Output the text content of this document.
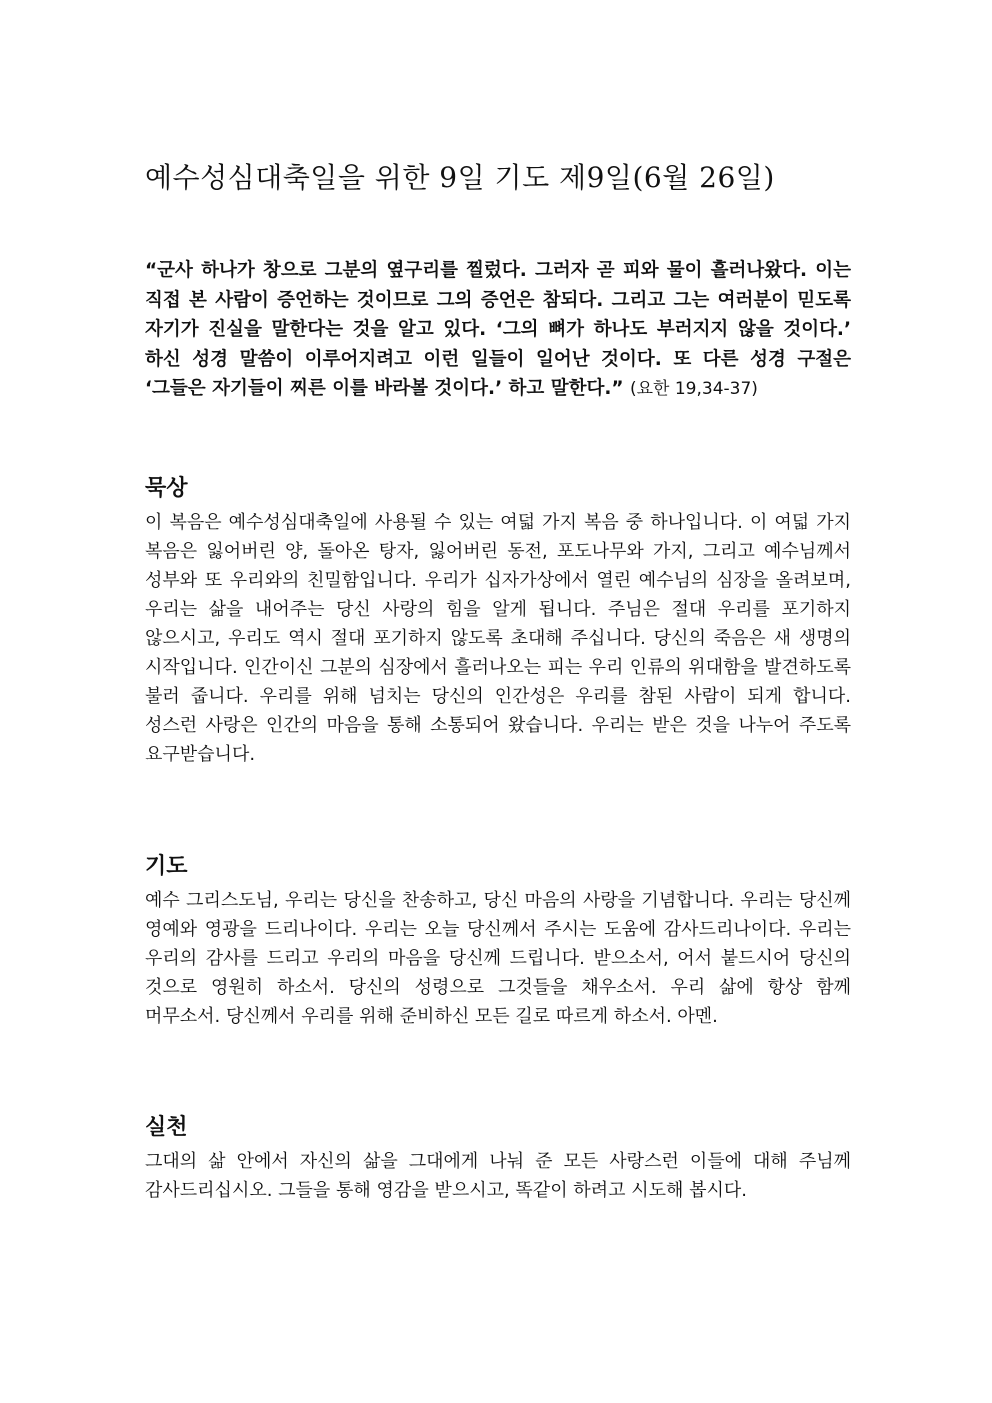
예수성심대축일을 위한 9일 기도 제9일(6월 26일)

“군사 하나가 창으로 그분의 옆구리를 찔렀다. 그러자 곧 피와 물이 흘러나왔다. 이는 직접 본 사람이 증언하는 것이므로 그의 증언은 참되다. 그리고 그는 여러분이 믿도록 자기가 진실을 말한다는 것을 알고 있다. ‘그의 뼈가 하나도 부러지지 않을 것이다.’ 하신 성경 말씀이 이루어지려고 이런 일들이 일어난 것이다. 또 다른 성경 구절은 ‘그들은 자기들이 찌른 이를 바라볼 것이다.’ 하고 말한다.” (요한 19,34-37)

묵상

이 복음은 예수성심대축일에 사용될 수 있는 여덟 가지 복음 중 하나입니다. 이 여덟 가지 복음은 잃어버린 양, 돌아온 탕자, 잃어버린 동전, 포도나무와 가지, 그리고 예수님께서 성부와 또 우리와의 친밀함입니다. 우리가 십자가상에서 열린 예수님의 심장을 올려보며, 우리는 삶을 내어주는 당신 사랑의 힘을 알게 됩니다. 주님은 절대 우리를 포기하지 않으시고, 우리도 역시 절대 포기하지 않도록 초대해 주십니다. 당신의 죽음은 새 생명의 시작입니다. 인간이신 그분의 심장에서 흘러나오는 피는 우리 인류의 위대함을 발견하도록 불러 줍니다. 우리를 위해 넘치는 당신의 인간성은 우리를 참된 사람이 되게 합니다. 성스런 사랑은 인간의 마음을 통해 소통되어 왔습니다. 우리는 받은 것을 나누어 주도록 요구받습니다.

기도

예수 그리스도님, 우리는 당신을 찬송하고, 당신 마음의 사랑을 기념합니다. 우리는 당신께 영예와 영광을 드리나이다. 우리는 오늘 당신께서 주시는 도움에 감사드리나이다. 우리는 우리의 감사를 드리고 우리의 마음을 당신께 드립니다. 받으소서, 어서 붙드시어 당신의 것으로 영원히 하소서. 당신의 성령으로 그것들을 채우소서. 우리 삶에 항상 함께 머무소서. 당신께서 우리를 위해 준비하신 모든 길로 따르게 하소서. 아멘.

실천

그대의 삶 안에서 자신의 삶을 그대에게 나눠 준 모든 사랑스런 이들에 대해 주님께 감사드리십시오. 그들을 통해 영감을 받으시고, 똑같이 하려고 시도해 봅시다.
